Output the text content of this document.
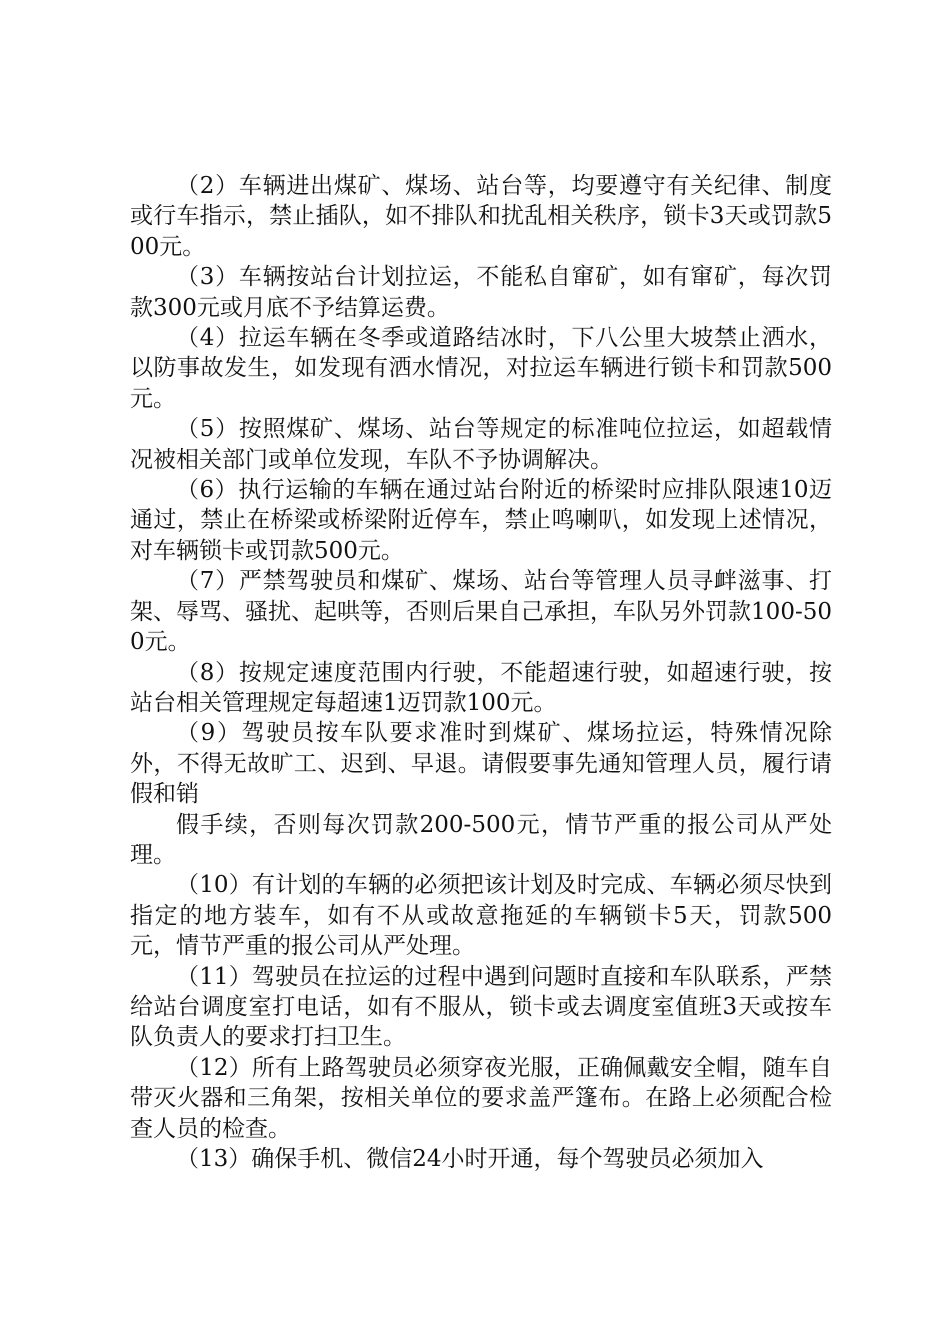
（2）车辆进出煤矿、煤场、站台等，均要遵守有关纪律、制度或行车指示，禁止插队，如不排队和扰乱相关秩序，锁卡3天或罚款500元。

（3）车辆按站台计划拉运，不能私自窜矿，如有窜矿，每次罚款300元或月底不予结算运费。

（4）拉运车辆在冬季或道路结冰时，下八公里大坡禁止洒水，以防事故发生，如发现有洒水情况，对拉运车辆进行锁卡和罚款500元。

（5）按照煤矿、煤场、站台等规定的标准吨位拉运，如超载情况被相关部门或单位发现，车队不予协调解决。

（6）执行运输的车辆在通过站台附近的桥梁时应排队限速10迈通过，禁止在桥梁或桥梁附近停车，禁止鸣喇叭，如发现上述情况，对车辆锁卡或罚款500元。

（7）严禁驾驶员和煤矿、煤场、站台等管理人员寻衅滋事、打架、辱骂、骚扰、起哄等，否则后果自己承担，车队另外罚款100-500元。

（8）按规定速度范围内行驶，不能超速行驶，如超速行驶，按站台相关管理规定每超速1迈罚款100元。

（9）驾驶员按车队要求准时到煤矿、煤场拉运，特殊情况除外，不得无故旷工、迟到、早退。请假要事先通知管理人员，履行请假和销

假手续，否则每次罚款200-500元，情节严重的报公司从严处理。

（10）有计划的车辆的必须把该计划及时完成、车辆必须尽快到指定的地方装车，如有不从或故意拖延的车辆锁卡5天，罚款500元，情节严重的报公司从严处理。

（11）驾驶员在拉运的过程中遇到问题时直接和车队联系，严禁给站台调度室打电话，如有不服从，锁卡或去调度室值班3天或按车队负责人的要求打扫卫生。

（12）所有上路驾驶员必须穿夜光服，正确佩戴安全帽，随车自带灭火器和三角架，按相关单位的要求盖严篷布。在路上必须配合检查人员的检查。

（13）确保手机、微信24小时开通，每个驾驶员必须加入
